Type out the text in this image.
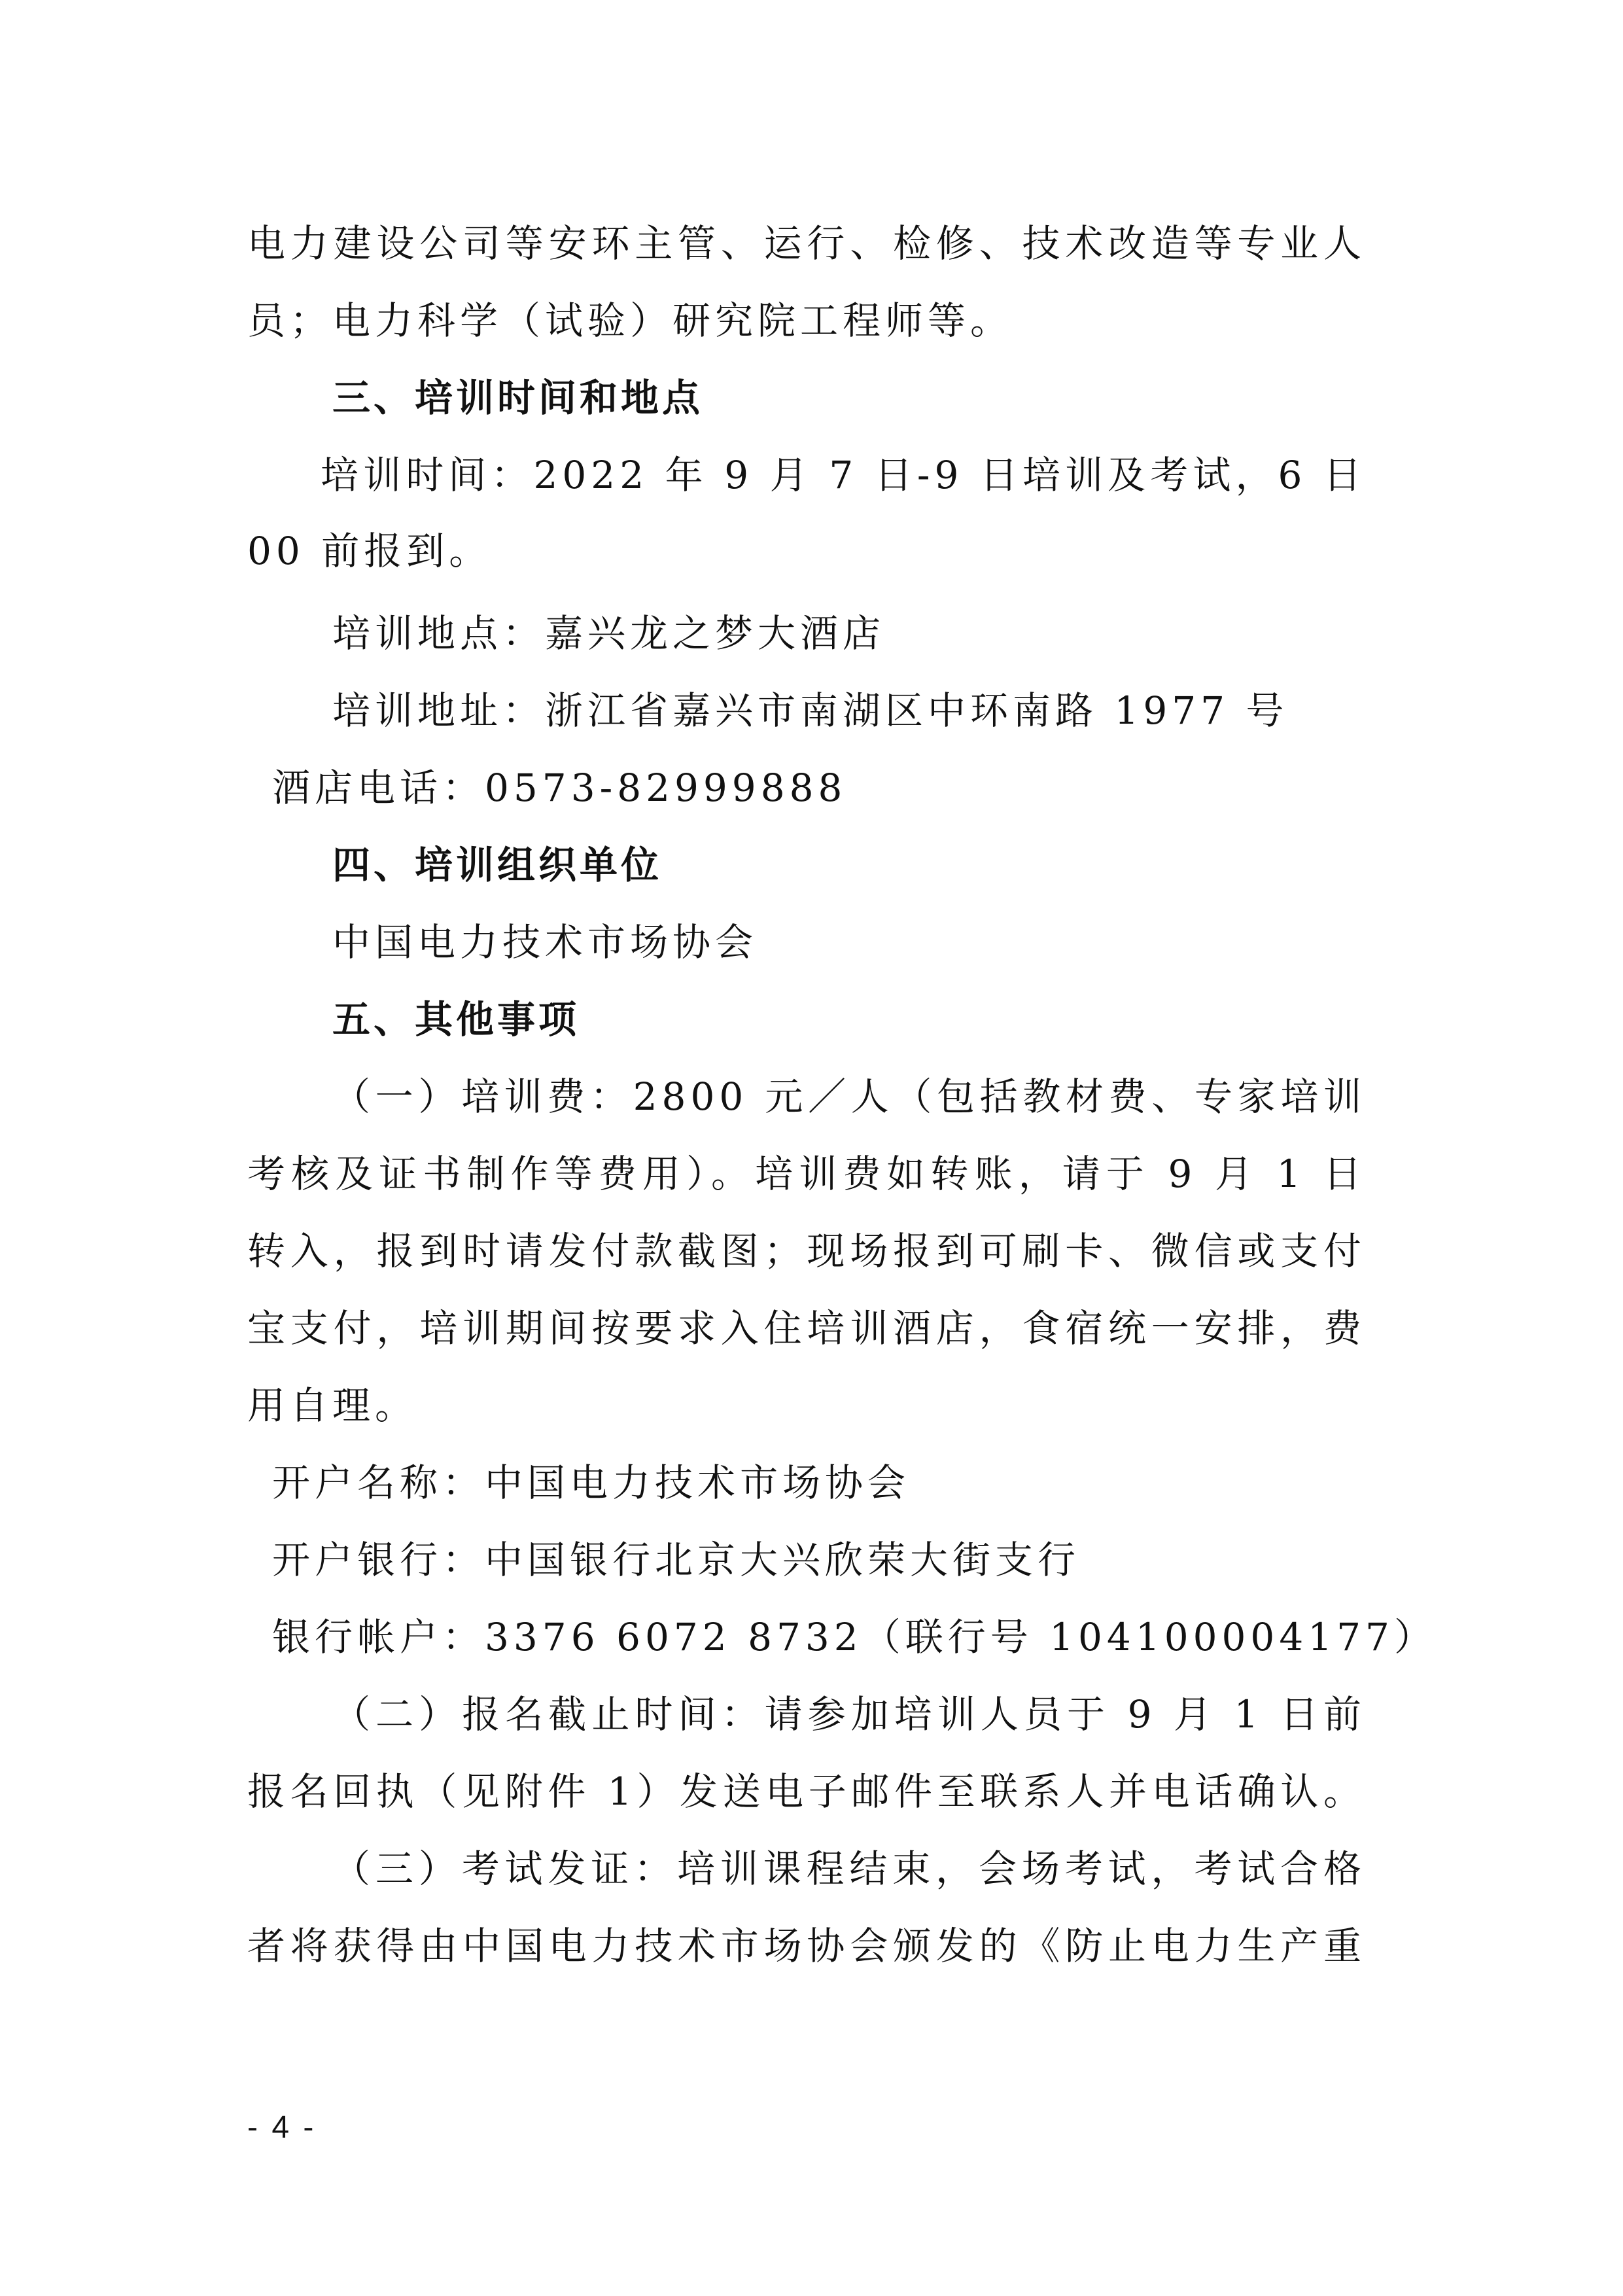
电力建设公司等安环主管、运行、检修、技术改造等专业人
员；电力科学（试验）研究院工程师等。
三、培训时间和地点
培训时间：2022 年 9 月 7 日-9 日培训及考试，6 日
00 前报到。
培训地点：嘉兴龙之梦大酒店
培训地址：浙江省嘉兴市南湖区中环南路 1977 号
酒店电话：0573-82999888
四、培训组织单位
中国电力技术市场协会
五、其他事项
（一）培训费：2800 元／人（包括教材费、专家培训
考核及证书制作等费用）。培训费如转账，请于 9 月 1 日
转入，报到时请发付款截图；现场报到可刷卡、微信或支付
宝支付，培训期间按要求入住培训酒店，食宿统一安排，费
用自理。
开户名称：中国电力技术市场协会
开户银行：中国银行北京大兴欣荣大街支行
银行帐户：3376 6072 8732（联行号 104100004177）
（二）报名截止时间：请参加培训人员于 9 月 1 日前
报名回执（见附件 1）发送电子邮件至联系人并电话确认。
（三）考试发证：培训课程结束，会场考试，考试合格
者将获得由中国电力技术市场协会颁发的《防止电力生产重
- 4 -
